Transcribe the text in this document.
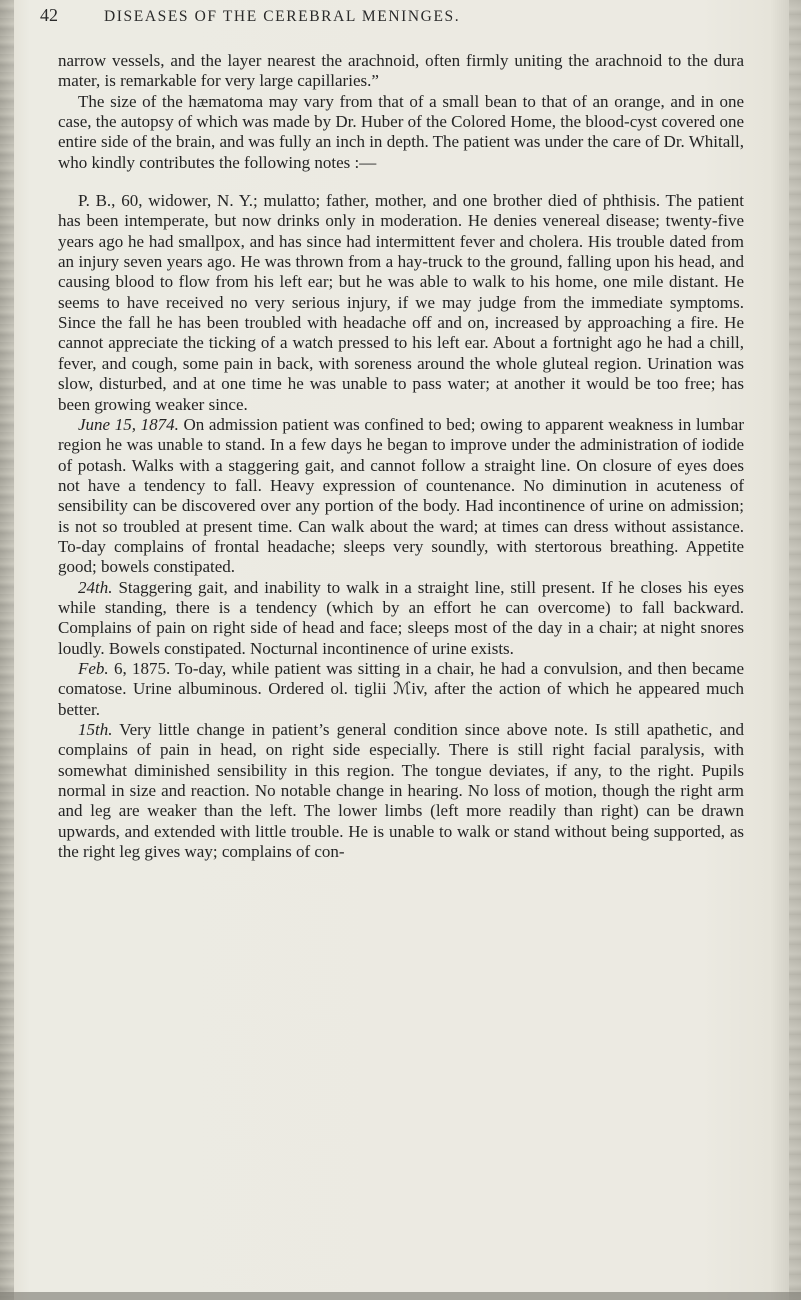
42	DISEASES OF THE CEREBRAL MENINGES.

narrow vessels, and the layer nearest the arachnoid, often firmly uniting the arachnoid to the dura mater, is remarkable for very large capillaries.”

The size of the hæmatoma may vary from that of a small bean to that of an orange, and in one case, the autopsy of which was made by Dr. Huber of the Colored Home, the blood-cyst covered one entire side of the brain, and was fully an inch in depth. The patient was under the care of Dr. Whitall, who kindly contributes the following notes :—

P. B., 60, widower, N. Y.; mulatto; father, mother, and one brother died of phthisis. The patient has been intemperate, but now drinks only in moderation. He denies venereal disease; twenty-five years ago he had smallpox, and has since had intermittent fever and cholera. His trouble dated from an injury seven years ago. He was thrown from a hay-truck to the ground, falling upon his head, and causing blood to flow from his left ear; but he was able to walk to his home, one mile distant. He seems to have received no very serious injury, if we may judge from the immediate symptoms. Since the fall he has been troubled with headache off and on, increased by approaching a fire. He cannot appreciate the ticking of a watch pressed to his left ear. About a fortnight ago he had a chill, fever, and cough, some pain in back, with soreness around the whole gluteal region. Urination was slow, disturbed, and at one time he was unable to pass water; at another it would be too free; has been growing weaker since.

June 15, 1874. On admission patient was confined to bed; owing to apparent weakness in lumbar region he was unable to stand. In a few days he began to improve under the administration of iodide of potash. Walks with a staggering gait, and cannot follow a straight line. On closure of eyes does not have a tendency to fall. Heavy expression of countenance. No diminution in acuteness of sensibility can be discovered over any portion of the body. Had incontinence of urine on admission; is not so troubled at present time. Can walk about the ward; at times can dress without assistance. To-day complains of frontal headache; sleeps very soundly, with stertorous breathing. Appetite good; bowels constipated.

24th. Staggering gait, and inability to walk in a straight line, still present. If he closes his eyes while standing, there is a tendency (which by an effort he can overcome) to fall backward. Complains of pain on right side of head and face; sleeps most of the day in a chair; at night snores loudly. Bowels constipated. Nocturnal incontinence of urine exists.

Feb. 6, 1875. To-day, while patient was sitting in a chair, he had a convulsion, and then became comatose. Urine albuminous. Ordered ol. tiglii ℳiv, after the action of which he appeared much better.

15th. Very little change in patient’s general condition since above note. Is still apathetic, and complains of pain in head, on right side especially. There is still right facial paralysis, with somewhat diminished sensibility in this region. The tongue deviates, if any, to the right. Pupils normal in size and reaction. No notable change in hearing. No loss of motion, though the right arm and leg are weaker than the left. The lower limbs (left more readily than right) can be drawn upwards, and extended with little trouble. He is unable to walk or stand without being supported, as the right leg gives way; complains of con-
